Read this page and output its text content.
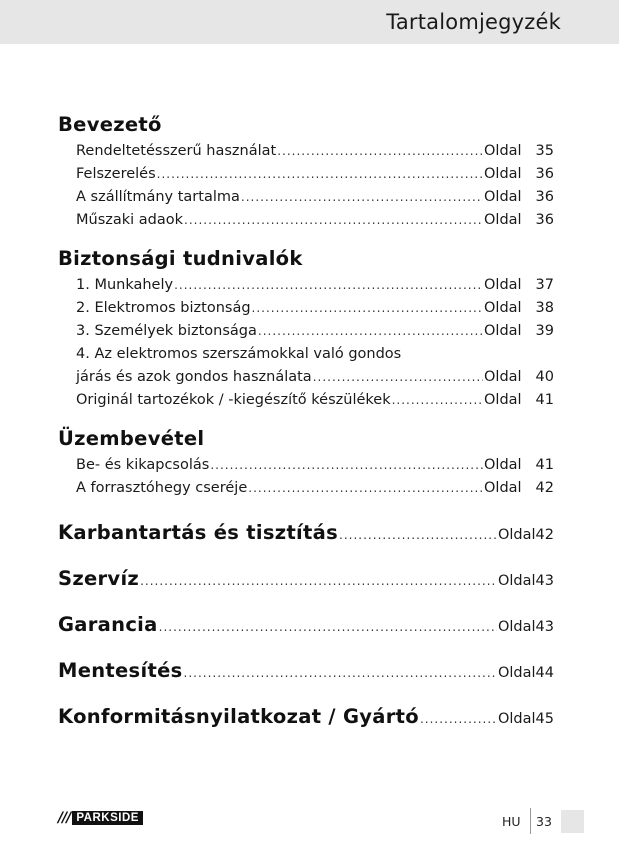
Tartalomjegyzék
Bevezető
Rendeltetésszerű használat .....	Oldal 35
Felszerelés .....	Oldal 36
A szállítmány tartalma .....	Oldal 36
Műszaki adaok .....	Oldal 36
Biztonsági tudnivalók
1. Munkahely .....	Oldal 37
2. Elektromos biztonság .....	Oldal 38
3. Személyek biztonsága .....	Oldal 39
4. Az elektromos szerszámokkal való gondos
járás és azok gondos használata .....	Oldal 40
Originál tartozékok / -kiegészítő készülékek .....	Oldal 41
Üzembevétel
Be- és kikapcsolás .....	Oldal 41
A forrasztóhegy cseréje .....	Oldal 42
Karbantartás és tisztítás .....	Oldal 42
Szervíz .....	Oldal 43
Garancia .....	Oldal 43
Mentesítés .....	Oldal 44
Konformitásnyilatkozat / Gyártó .....	Oldal 45
/// PARKSIDE	HU 33
